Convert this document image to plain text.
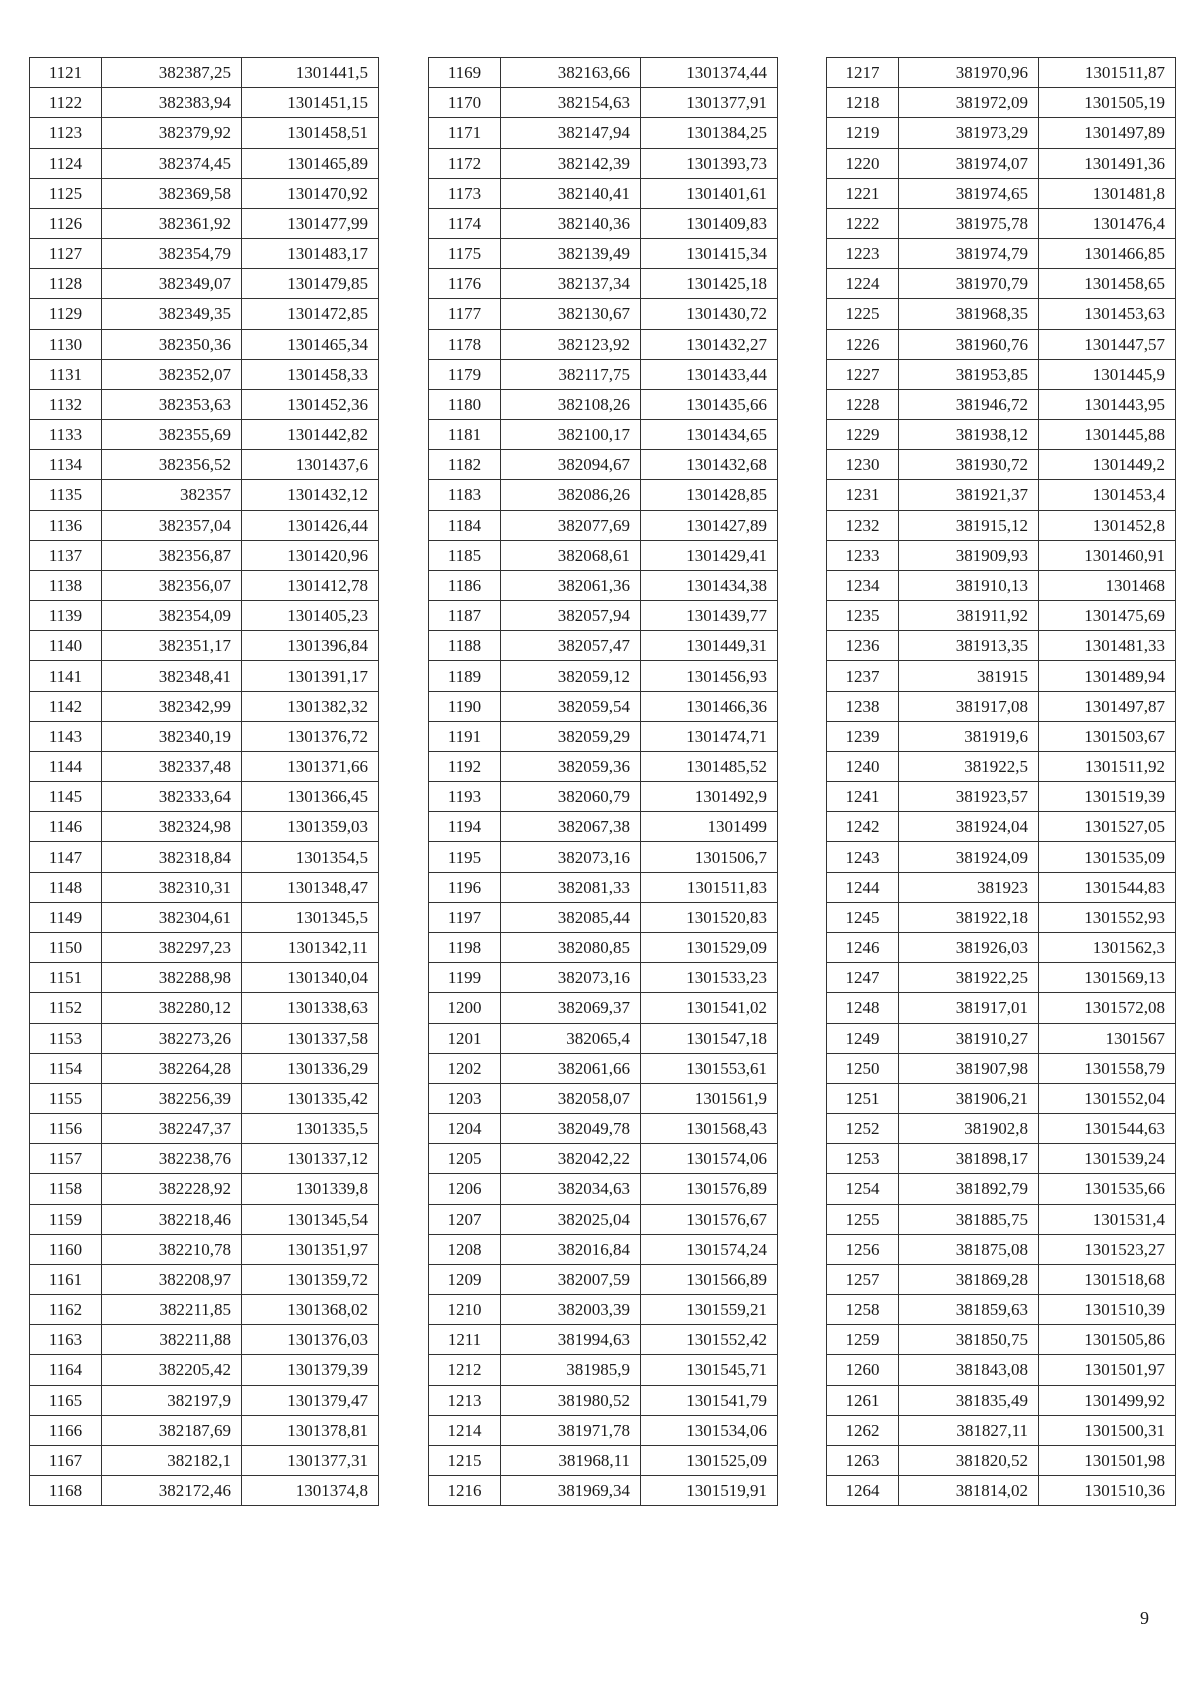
1121	382387,25	1301441,5
1122	382383,94	1301451,15
1123	382379,92	1301458,51
1124	382374,45	1301465,89
1125	382369,58	1301470,92
1126	382361,92	1301477,99
1127	382354,79	1301483,17
1128	382349,07	1301479,85
1129	382349,35	1301472,85
1130	382350,36	1301465,34
1131	382352,07	1301458,33
1132	382353,63	1301452,36
1133	382355,69	1301442,82
1134	382356,52	1301437,6
1135	382357	1301432,12
1136	382357,04	1301426,44
1137	382356,87	1301420,96
1138	382356,07	1301412,78
1139	382354,09	1301405,23
1140	382351,17	1301396,84
1141	382348,41	1301391,17
1142	382342,99	1301382,32
1143	382340,19	1301376,72
1144	382337,48	1301371,66
1145	382333,64	1301366,45
1146	382324,98	1301359,03
1147	382318,84	1301354,5
1148	382310,31	1301348,47
1149	382304,61	1301345,5
1150	382297,23	1301342,11
1151	382288,98	1301340,04
1152	382280,12	1301338,63
1153	382273,26	1301337,58
1154	382264,28	1301336,29
1155	382256,39	1301335,42
1156	382247,37	1301335,5
1157	382238,76	1301337,12
1158	382228,92	1301339,8
1159	382218,46	1301345,54
1160	382210,78	1301351,97
1161	382208,97	1301359,72
1162	382211,85	1301368,02
1163	382211,88	1301376,03
1164	382205,42	1301379,39
1165	382197,9	1301379,47
1166	382187,69	1301378,81
1167	382182,1	1301377,31
1168	382172,46	1301374,8
1169	382163,66	1301374,44
1170	382154,63	1301377,91
1171	382147,94	1301384,25
1172	382142,39	1301393,73
1173	382140,41	1301401,61
1174	382140,36	1301409,83
1175	382139,49	1301415,34
1176	382137,34	1301425,18
1177	382130,67	1301430,72
1178	382123,92	1301432,27
1179	382117,75	1301433,44
1180	382108,26	1301435,66
1181	382100,17	1301434,65
1182	382094,67	1301432,68
1183	382086,26	1301428,85
1184	382077,69	1301427,89
1185	382068,61	1301429,41
1186	382061,36	1301434,38
1187	382057,94	1301439,77
1188	382057,47	1301449,31
1189	382059,12	1301456,93
1190	382059,54	1301466,36
1191	382059,29	1301474,71
1192	382059,36	1301485,52
1193	382060,79	1301492,9
1194	382067,38	1301499
1195	382073,16	1301506,7
1196	382081,33	1301511,83
1197	382085,44	1301520,83
1198	382080,85	1301529,09
1199	382073,16	1301533,23
1200	382069,37	1301541,02
1201	382065,4	1301547,18
1202	382061,66	1301553,61
1203	382058,07	1301561,9
1204	382049,78	1301568,43
1205	382042,22	1301574,06
1206	382034,63	1301576,89
1207	382025,04	1301576,67
1208	382016,84	1301574,24
1209	382007,59	1301566,89
1210	382003,39	1301559,21
1211	381994,63	1301552,42
1212	381985,9	1301545,71
1213	381980,52	1301541,79
1214	381971,78	1301534,06
1215	381968,11	1301525,09
1216	381969,34	1301519,91
1217	381970,96	1301511,87
1218	381972,09	1301505,19
1219	381973,29	1301497,89
1220	381974,07	1301491,36
1221	381974,65	1301481,8
1222	381975,78	1301476,4
1223	381974,79	1301466,85
1224	381970,79	1301458,65
1225	381968,35	1301453,63
1226	381960,76	1301447,57
1227	381953,85	1301445,9
1228	381946,72	1301443,95
1229	381938,12	1301445,88
1230	381930,72	1301449,2
1231	381921,37	1301453,4
1232	381915,12	1301452,8
1233	381909,93	1301460,91
1234	381910,13	1301468
1235	381911,92	1301475,69
1236	381913,35	1301481,33
1237	381915	1301489,94
1238	381917,08	1301497,87
1239	381919,6	1301503,67
1240	381922,5	1301511,92
1241	381923,57	1301519,39
1242	381924,04	1301527,05
1243	381924,09	1301535,09
1244	381923	1301544,83
1245	381922,18	1301552,93
1246	381926,03	1301562,3
1247	381922,25	1301569,13
1248	381917,01	1301572,08
1249	381910,27	1301567
1250	381907,98	1301558,79
1251	381906,21	1301552,04
1252	381902,8	1301544,63
1253	381898,17	1301539,24
1254	381892,79	1301535,66
1255	381885,75	1301531,4
1256	381875,08	1301523,27
1257	381869,28	1301518,68
1258	381859,63	1301510,39
1259	381850,75	1301505,86
1260	381843,08	1301501,97
1261	381835,49	1301499,92
1262	381827,11	1301500,31
1263	381820,52	1301501,98
1264	381814,02	1301510,36
9
